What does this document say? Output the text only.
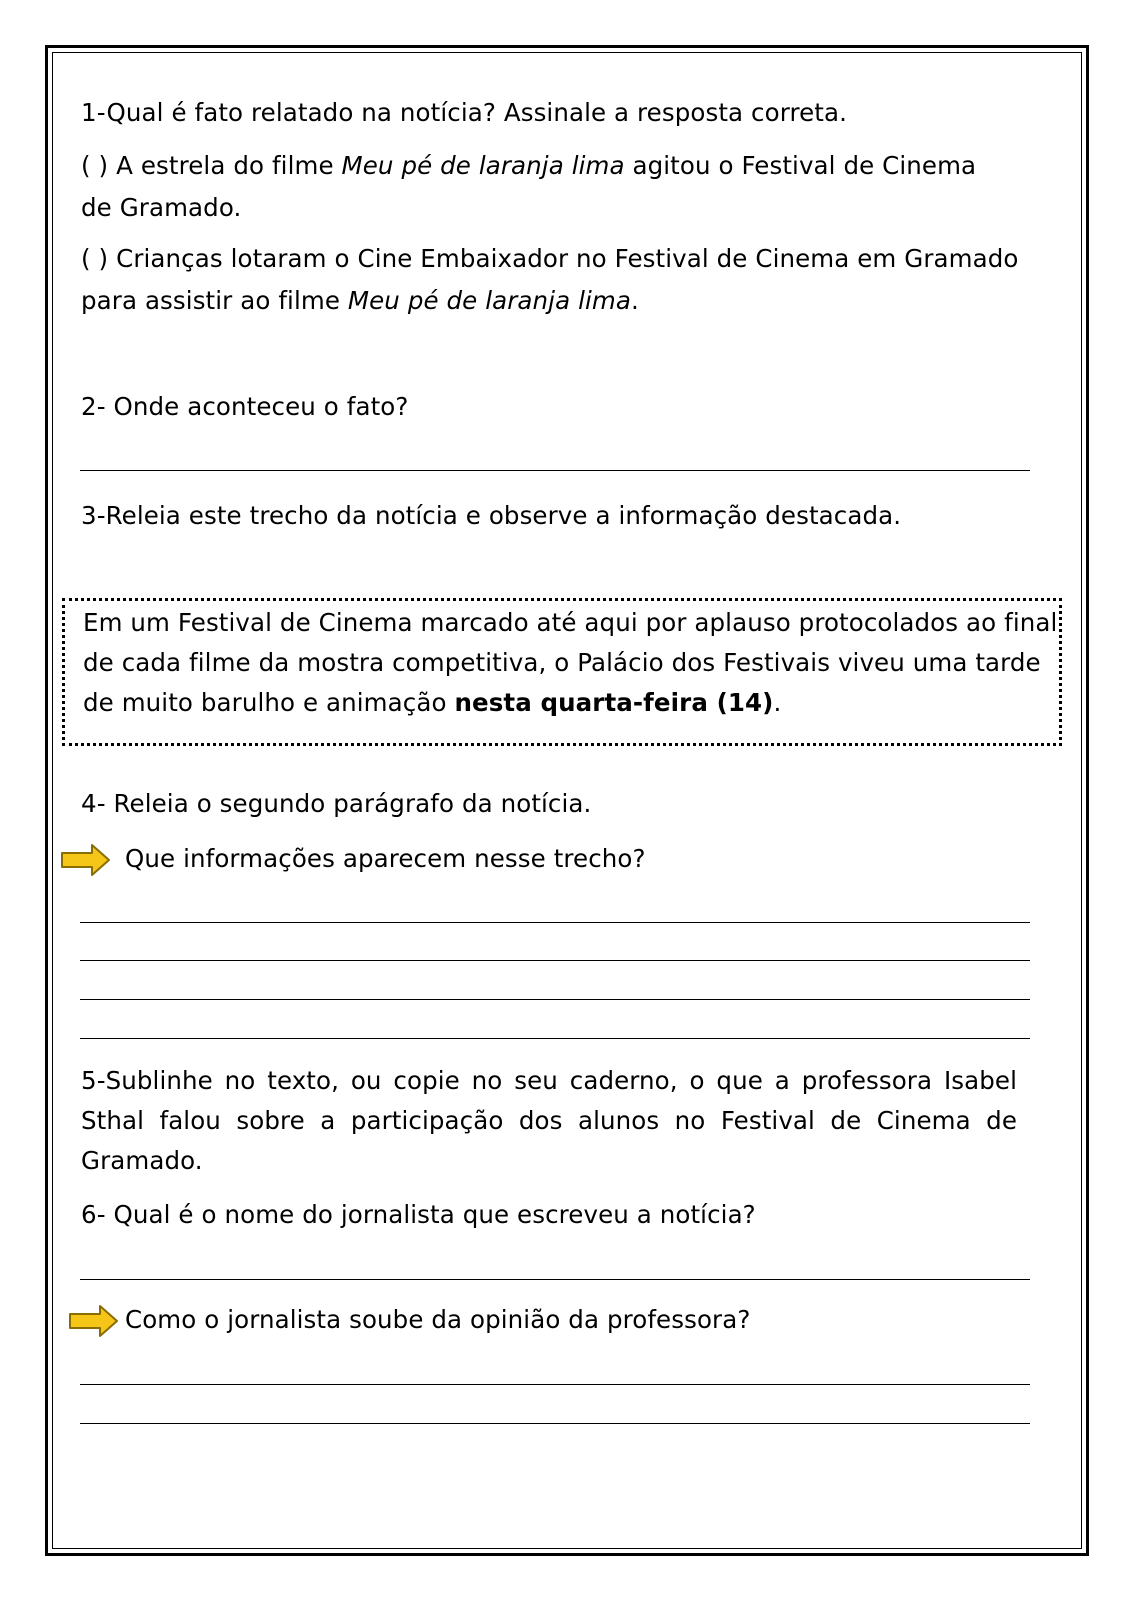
1-Qual é fato relatado na notícia? Assinale a resposta correta.
( ) A estrela do filme Meu pé de laranja lima agitou o Festival de Cinema
de Gramado.
( ) Crianças lotaram o Cine Embaixador no Festival de Cinema em Gramado
para assistir ao filme Meu pé de laranja lima.
2- Onde aconteceu o fato?
3-Releia este trecho da notícia e observe a informação destacada.
Em um Festival de Cinema marcado até aqui por aplauso protocolados ao final
de cada filme da mostra competitiva, o Palácio dos Festivais viveu uma tarde
de muito barulho e animação nesta quarta-feira (14).
4- Releia o segundo parágrafo da notícia.
Que informações aparecem nesse trecho?
5-Sublinhe no texto, ou copie no seu caderno, o que a professora Isabel Sthal falou sobre a participação dos alunos no Festival de Cinema de Gramado.
6- Qual é o nome do jornalista que escreveu a notícia?
Como o jornalista soube da opinião da professora?
